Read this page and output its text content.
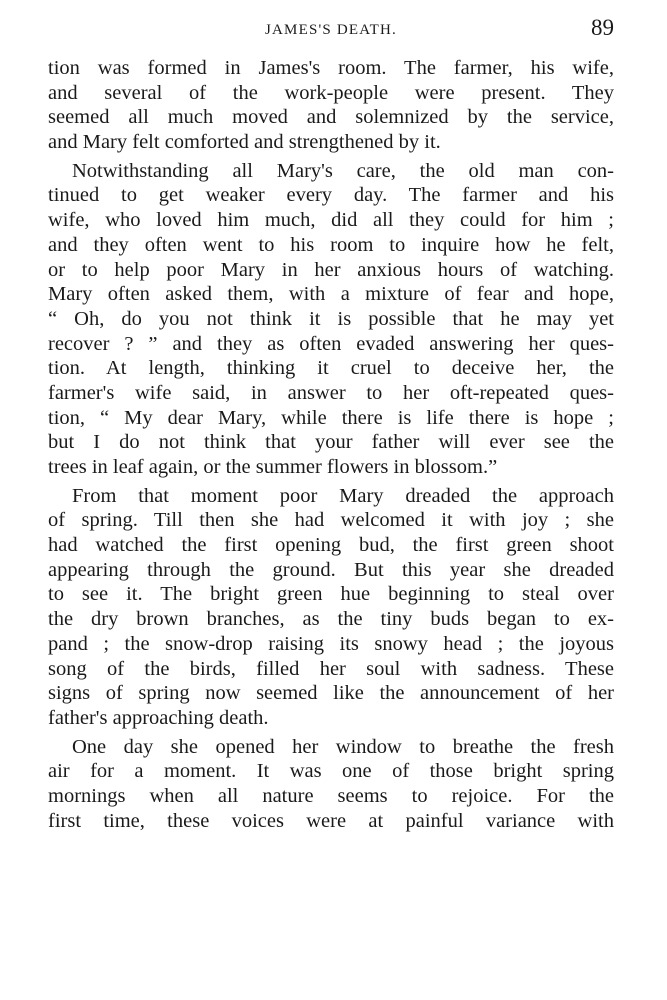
JAMES'S DEATH.	89
tion was formed in James's room. The farmer, his wife,
and several of the work-people were present. They
seemed all much moved and solemnized by the service,
and Mary felt comforted and strengthened by it.
Notwithstanding all Mary's care, the old man con-
tinued to get weaker every day. The farmer and his
wife, who loved him much, did all they could for him ;
and they often went to his room to inquire how he felt,
or to help poor Mary in her anxious hours of watching.
Mary often asked them, with a mixture of fear and hope,
“ Oh, do you not think it is possible that he may yet
recover ? ” and they as often evaded answering her ques-
tion. At length, thinking it cruel to deceive her, the
farmer's wife said, in answer to her oft-repeated ques-
tion, “ My dear Mary, while there is life there is hope ;
but I do not think that your father will ever see the
trees in leaf again, or the summer flowers in blossom.”
From that moment poor Mary dreaded the approach
of spring. Till then she had welcomed it with joy ; she
had watched the first opening bud, the first green shoot
appearing through the ground. But this year she dreaded
to see it. The bright green hue beginning to steal over
the dry brown branches, as the tiny buds began to ex-
pand ; the snow-drop raising its snowy head ; the joyous
song of the birds, filled her soul with sadness. These
signs of spring now seemed like the announcement of her
father's approaching death.
One day she opened her window to breathe the fresh
air for a moment. It was one of those bright spring
mornings when all nature seems to rejoice. For the
first time, these voices were at painful variance with
